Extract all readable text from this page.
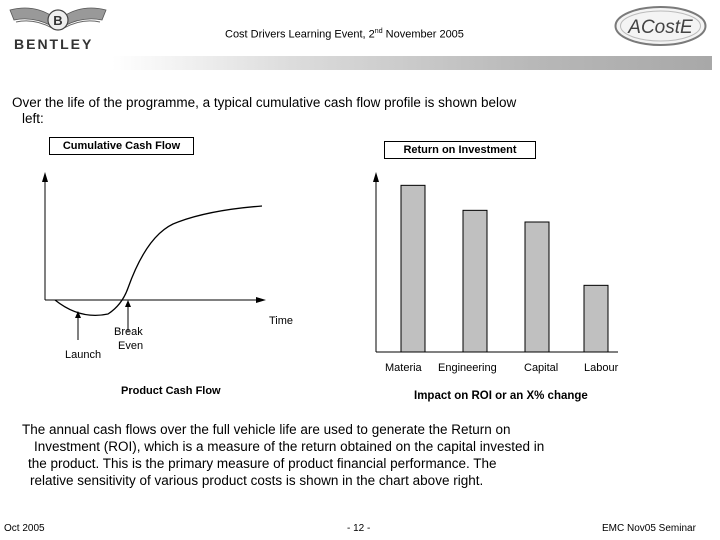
B
BENTLEY
Cost Drivers Learning Event, 2nd November 2005	ACostE
Over the life of the programme, a typical cumulative cash flow profile is shown below
left:
Cumulative Cash Flow
Launch
Break
Even
Time
Product Cash Flow
Return on Investment
Materia Engineering Capital Labour
Impact on ROI or an X% change
The annual cash flows over the full vehicle life are used to generate the Return on
Investment (ROI), which is a measure of the return obtained on the capital invested in
the product. This is the primary measure of product financial performance. The
relative sensitivity of various product costs is shown in the chart above right.
Oct 2005	- 12 -	EMC Nov05 Seminar
